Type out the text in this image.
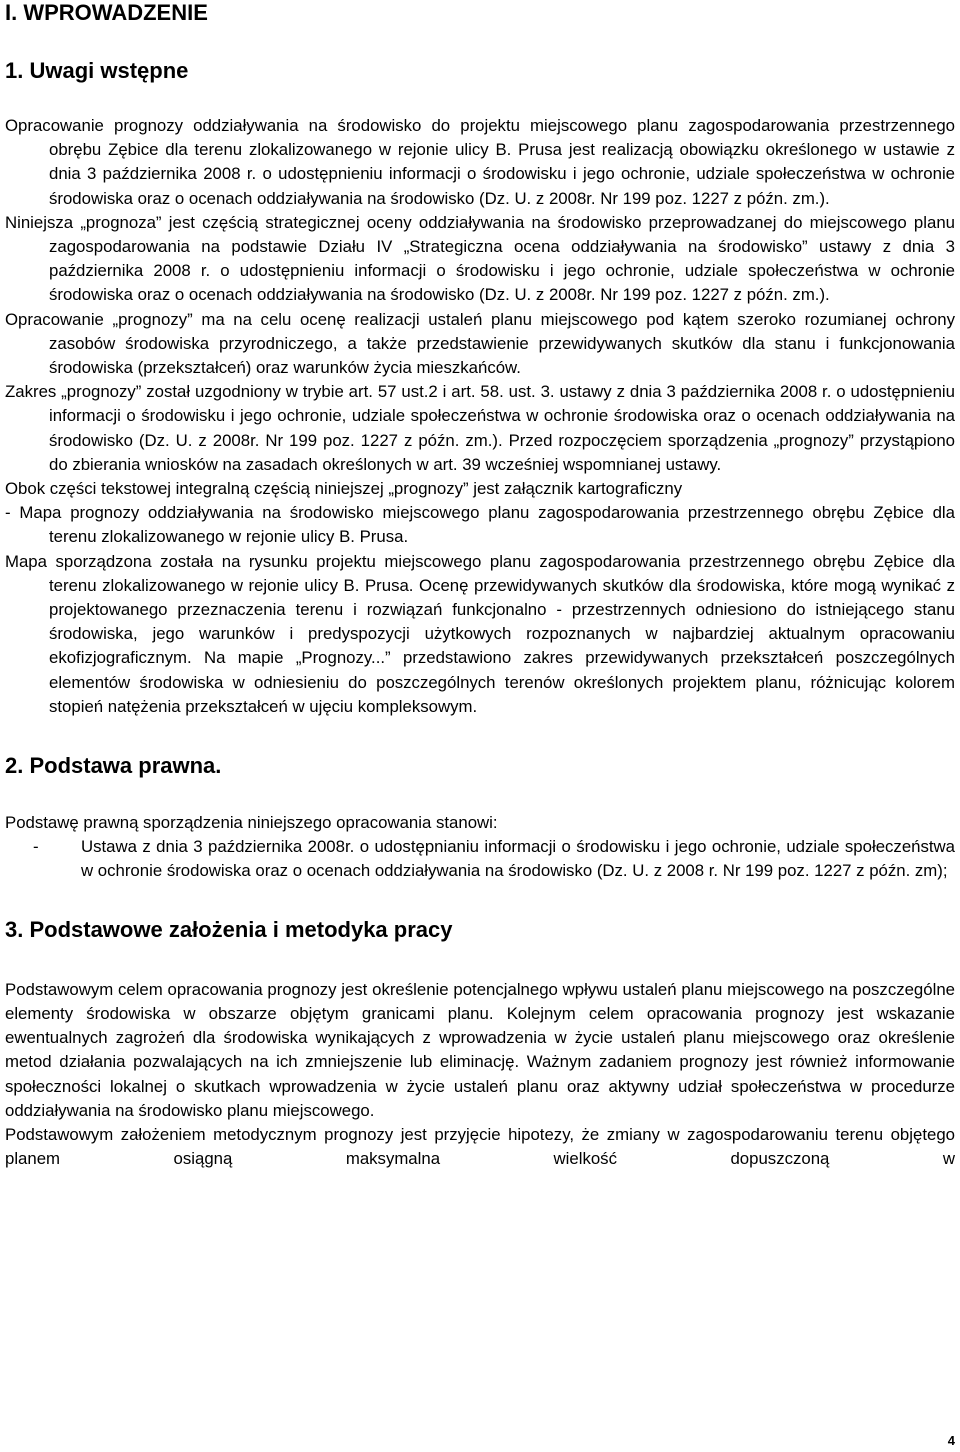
I. WPROWADZENIE
1. Uwagi wstępne

Opracowanie prognozy oddziaływania na środowisko do projektu miejscowego planu zagospodarowania przestrzennego obrębu Zębice dla terenu zlokalizowanego w rejonie ulicy B. Prusa jest realizacją obowiązku określonego w ustawie z dnia 3 października 2008 r. o udostępnieniu informacji o środowisku i jego ochronie, udziale społeczeństwa w ochronie środowiska oraz o ocenach oddziaływania na środowisko (Dz. U. z 2008r. Nr 199 poz. 1227 z późn. zm.).

Niniejsza „prognoza” jest częścią strategicznej oceny oddziaływania na środowisko przeprowadzanej do miejscowego planu zagospodarowania na podstawie Działu IV „Strategiczna ocena oddziaływania na środowisko” ustawy z dnia 3 października 2008 r. o udostępnieniu informacji o środowisku i jego ochronie, udziale społeczeństwa w ochronie środowiska oraz o ocenach oddziaływania na środowisko (Dz. U. z 2008r. Nr 199 poz. 1227 z późn. zm.).

Opracowanie „prognozy” ma na celu ocenę realizacji ustaleń planu miejscowego pod kątem szeroko rozumianej ochrony zasobów środowiska przyrodniczego, a także przedstawienie przewidywanych skutków dla stanu i funkcjonowania środowiska (przekształceń) oraz warunków życia mieszkańców.

Zakres „prognozy” został uzgodniony w trybie art. 57 ust.2 i art. 58. ust. 3. ustawy z dnia 3 października 2008 r. o udostępnieniu informacji o środowisku i jego ochronie, udziale społeczeństwa w ochronie środowiska oraz o ocenach oddziaływania na środowisko (Dz. U. z 2008r. Nr 199 poz. 1227 z późn. zm.). Przed rozpoczęciem sporządzenia „prognozy” przystąpiono do zbierania wniosków na zasadach określonych w art. 39 wcześniej wspomnianej ustawy.

Obok części tekstowej integralną częścią niniejszej „prognozy” jest załącznik kartograficzny

- Mapa prognozy oddziaływania na środowisko miejscowego planu zagospodarowania przestrzennego obrębu Zębice dla terenu zlokalizowanego w rejonie ulicy B. Prusa.

Mapa sporządzona została na rysunku projektu miejscowego planu zagospodarowania przestrzennego obrębu Zębice dla terenu zlokalizowanego w rejonie ulicy B. Prusa. Ocenę przewidywanych skutków dla środowiska, które mogą wynikać z projektowanego przeznaczenia terenu i rozwiązań funkcjonalno - przestrzennych odniesiono do istniejącego stanu środowiska, jego warunków i predyspozycji użytkowych rozpoznanych w najbardziej aktualnym opracowaniu ekofizjograficznym. Na mapie „Prognozy...” przedstawiono zakres przewidywanych przekształceń poszczególnych elementów środowiska w odniesieniu do poszczególnych terenów określonych projektem planu, różnicując kolorem stopień natężenia przekształceń w ujęciu kompleksowym.

2. Podstawa prawna.

Podstawę prawną sporządzenia niniejszego opracowania stanowi:

-	Ustawa z dnia 3 października 2008r. o udostępnianiu informacji o środowisku i jego ochronie, udziale społeczeństwa w ochronie środowiska oraz o ocenach oddziaływania na środowisko (Dz. U. z 2008 r. Nr 199 poz. 1227 z późn. zm);
3. Podstawowe założenia i metodyka pracy

Podstawowym celem opracowania prognozy jest określenie potencjalnego wpływu ustaleń planu miejscowego na poszczególne elementy środowiska w obszarze objętym granicami planu. Kolejnym celem opracowania prognozy jest wskazanie ewentualnych zagrożeń dla środowiska wynikających z wprowadzenia w życie ustaleń planu miejscowego oraz określenie metod działania pozwalających na ich zmniejszenie lub eliminację. Ważnym zadaniem prognozy jest również informowanie społeczności lokalnej o skutkach wprowadzenia w życie ustaleń planu oraz aktywny udział społeczeństwa w procedurze oddziaływania na środowisko planu miejscowego.

Podstawowym założeniem metodycznym prognozy jest przyjęcie hipotezy, że zmiany w zagospodarowaniu terenu objętego planem osiągną maksymalna wielkość dopuszczoną w

4
